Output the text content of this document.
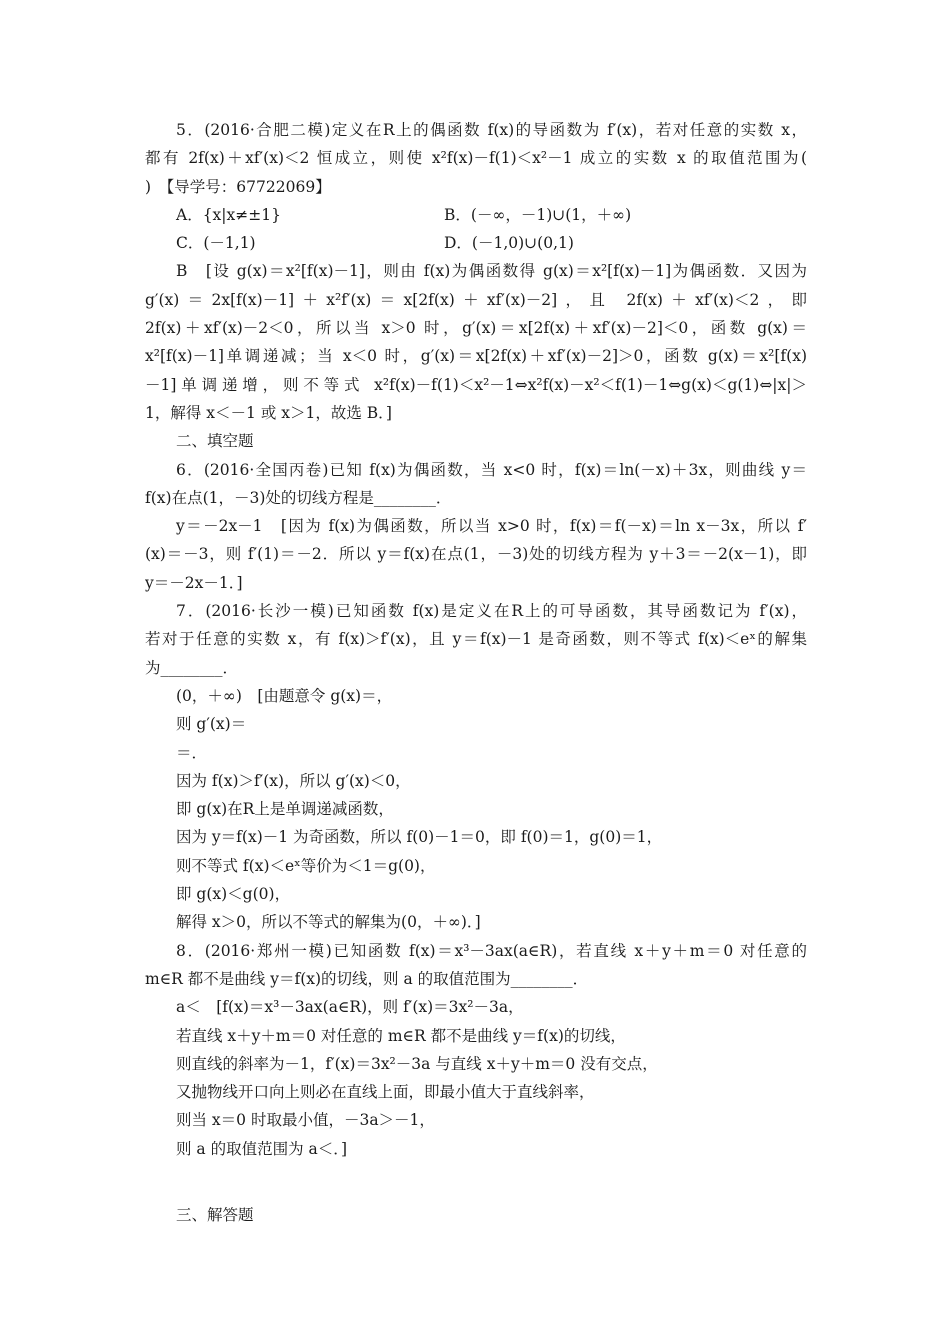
5．(2016·合肥二模)定义在R上的偶函数 f(x)的导函数为 f′(x)，若对任意的实数 x，
都有 2f(x)＋xf′(x)＜2 恒成立，则使 x²f(x)－f(1)＜x²－1 成立的实数 x 的取值范围为(
)　【导学号：67722069】
A．{x|x≠±1}	B．(－∞，－1)∪(1，＋∞)
C．(－1,1)	D．(－1,0)∪(0,1)
B　[设 g(x)＝x²[f(x)－1]，则由 f(x)为偶函数得 g(x)＝x²[f(x)－1]为偶函数．又因为
g′(x)＝2x[f(x)－1]＋x²f′(x)＝x[2f(x)＋xf′(x)－2]，且 2f(x)＋xf′(x)＜2，即
2f(x)＋xf′(x)－2＜0，所以当 x＞0 时，g′(x)＝x[2f(x)＋xf′(x)－2]＜0，函数 g(x)＝
x²[f(x)－1]单调递减；当 x＜0 时，g′(x)＝x[2f(x)＋xf′(x)－2]＞0，函数 g(x)＝x²[f(x)
－1]单调递增，则不等式 x²f(x)－f(1)＜x²－1⇔x²f(x)－x²＜f(1)－1⇔g(x)＜g(1)⇔|x|＞
1，解得 x＜－1 或 x＞1，故选 B．]
二、填空题
6．(2016·全国丙卷)已知 f(x)为偶函数，当 x<0 时，f(x)＝ln(－x)＋3x，则曲线 y＝
f(x)在点(1，－3)处的切线方程是________．
y＝－2x－1　[因为 f(x)为偶函数，所以当 x>0 时，f(x)＝f(－x)＝ln x－3x，所以 f′
(x)＝－3，则 f′(1)＝－2．所以 y＝f(x)在点(1，－3)处的切线方程为 y＋3＝－2(x－1)，即
y＝－2x－1．]
7．(2016·长沙一模)已知函数 f(x)是定义在R上的可导函数，其导函数记为 f′(x)，
若对于任意的实数 x，有 f(x)＞f′(x)，且 y＝f(x)－1 是奇函数，则不等式 f(x)＜eˣ的解集
为________．
(0，＋∞)　[由题意令 g(x)＝，
则 g′(x)＝
＝．
因为 f(x)＞f′(x)，所以 g′(x)＜0，
即 g(x)在R上是单调递减函数，
因为 y＝f(x)－1 为奇函数，所以 f(0)－1＝0，即 f(0)＝1，g(0)＝1，
则不等式 f(x)＜eˣ等价为＜1＝g(0)，
即 g(x)＜g(0)，
解得 x＞0，所以不等式的解集为(0，＋∞)．]
8．(2016·郑州一模)已知函数 f(x)＝x³－3ax(a∈R)，若直线 x＋y＋m＝0 对任意的
m∈R 都不是曲线 y＝f(x)的切线，则 a 的取值范围为________．
a＜　[f(x)＝x³－3ax(a∈R)，则 f′(x)＝3x²－3a，
若直线 x＋y＋m＝0 对任意的 m∈R 都不是曲线 y＝f(x)的切线，
则直线的斜率为－1，f′(x)＝3x²－3a 与直线 x＋y＋m＝0 没有交点，
又抛物线开口向上则必在直线上面，即最小值大于直线斜率，
则当 x＝0 时取最小值，－3a＞－1，
则 a 的取值范围为 a＜．]
三、解答题
